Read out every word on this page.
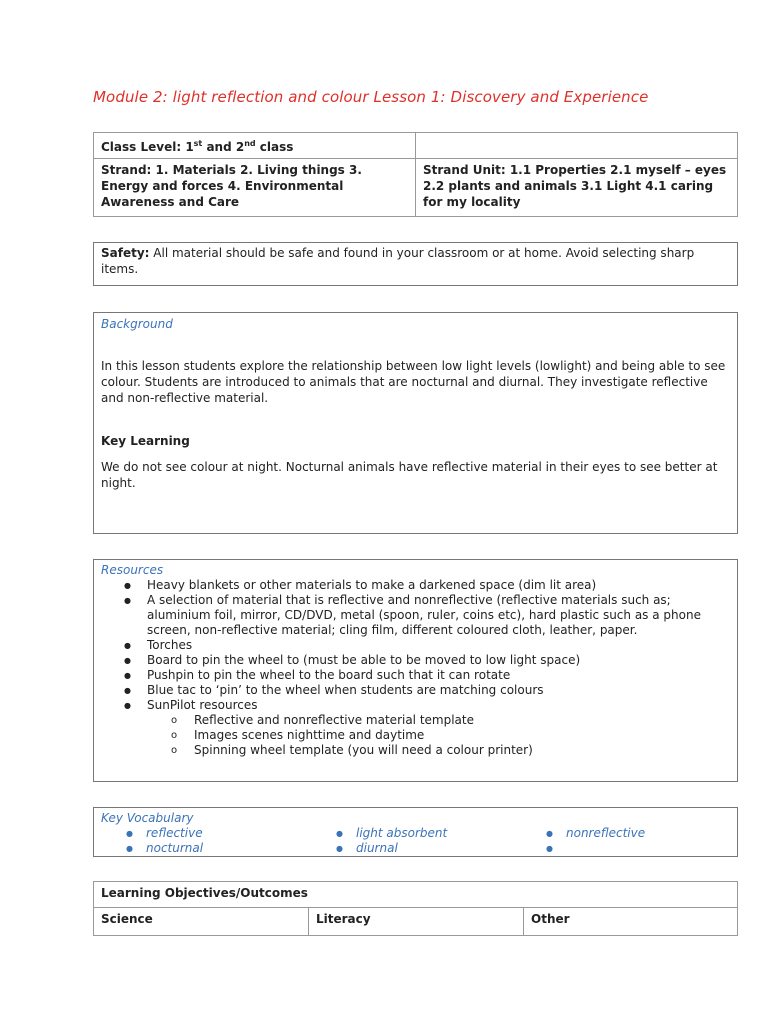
Module 2: light reflection and colour Lesson 1: Discovery and Experience
Class Level: 1st and 2nd class	
Strand: 1. Materials 2. Living things 3. Energy and forces 4. Environmental Awareness and Care	Strand Unit: 1.1 Properties 2.1 myself – eyes 2.2 plants and animals 3.1 Light 4.1 caring for my locality

Safety: All material should be safe and found in your classroom or at home. Avoid selecting sharp items.

Background

In this lesson students explore the relationship between low light levels (lowlight) and being able to see colour. Students are introduced to animals that are nocturnal and diurnal. They investigate reflective and non-reflective material.

Key Learning

We do not see colour at night. Nocturnal animals have reflective material in their eyes to see better at night.

Resources

● Heavy blankets or other materials to make a darkened space (dim lit area)
● A selection of material that is reflective and nonreflective (reflective materials such as; aluminium foil, mirror, CD/DVD, metal (spoon, ruler, coins etc), hard plastic such as a phone screen, non-reflective material; cling film, different coloured cloth, leather, paper.
● Torches
● Board to pin the wheel to (must be able to be moved to low light space)
● Pushpin to pin the wheel to the board such that it can rotate
● Blue tac to ‘pin’ to the wheel when students are matching colours
● SunPilot resources
o Reflective and nonreflective material template
o Images scenes nighttime and daytime
o Spinning wheel template (you will need a colour printer)

Key Vocabulary

● reflective
● nocturnal
● light absorbent
● diurnal
● nonreflective
●
Learning Objectives/Outcomes
Science	Literacy	Other
